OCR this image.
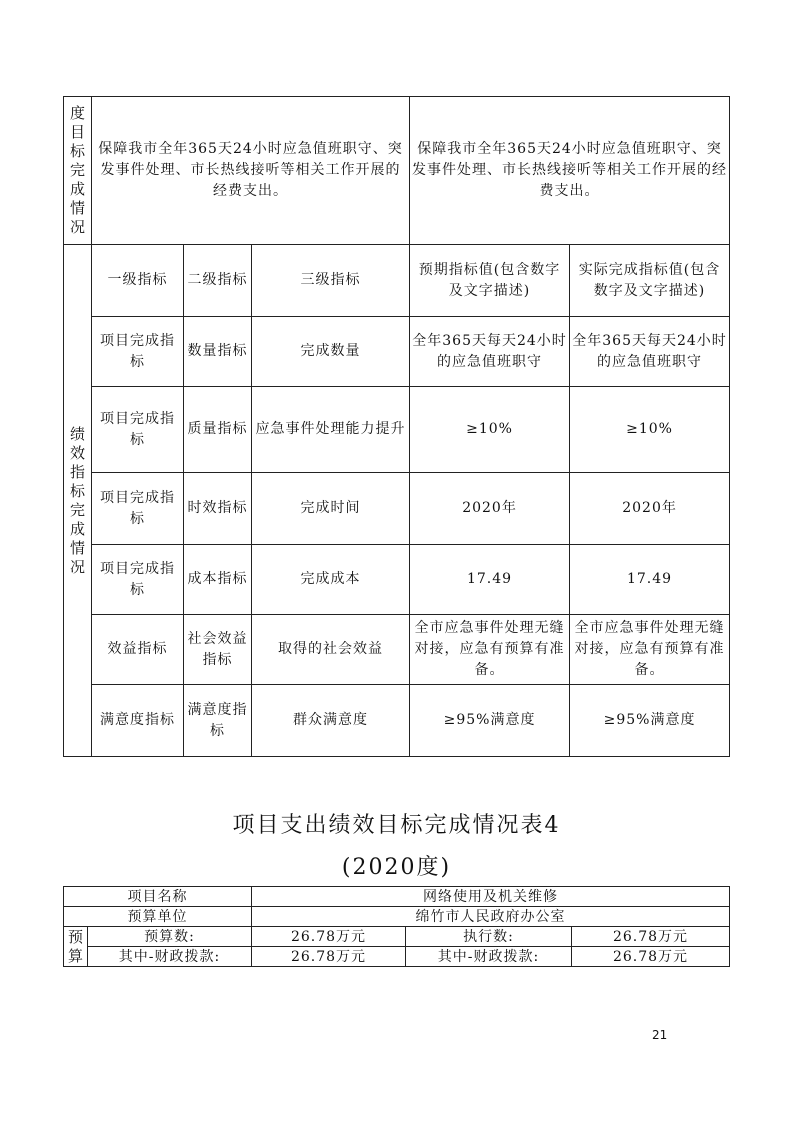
度目标完成情况	保障我市全年365天24小时应急值班职守、突发事件处理、市长热线接听等相关工作开展的经费支出。			保障我市全年365天24小时应急值班职守、突发事件处理、市长热线接听等相关工作开展的经费支出。	

绩效指标完成情况	一级指标	二级指标	三级指标	预期指标值(包含数字及文字描述)	实际完成指标值(包含数字及文字描述)
	项目完成指标	数量指标	完成数量	全年365天每天24小时的应急值班职守	全年365天每天24小时的应急值班职守
	项目完成指标	质量指标	应急事件处理能力提升	≥10%	≥10%
	项目完成指标	时效指标	完成时间	2020年	2020年
	项目完成指标	成本指标	完成成本	17.49	17.49
	效益指标	社会效益指标	取得的社会效益	全市应急事件处理无缝对接，应急有预算有准备。	全市应急事件处理无缝对接，应急有预算有准备。
	满意度指标	满意度指标	群众满意度	≥95%满意度	≥95%满意度
项目支出绩效目标完成情况表4
(2020度)
项目名称		网络使用及机关维修		
预算单位		绵竹市人民政府办公室		

预算	预算数:	26.78万元	执行数:	26.78万元
	其中-财政拨款:	26.78万元	其中-财政拨款:	26.78万元
21
